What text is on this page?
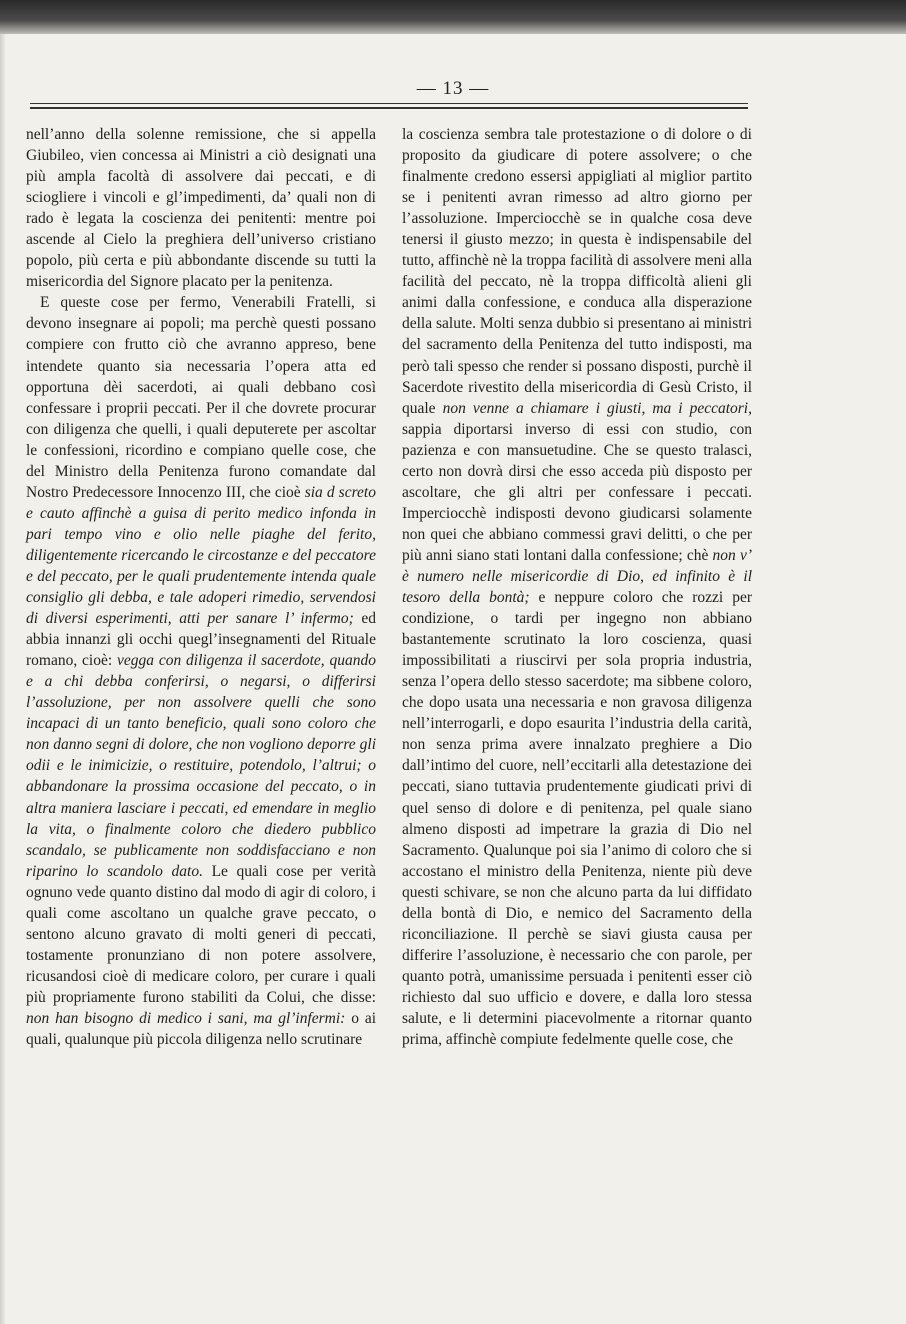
— 13 —

nell’anno della solenne remissione, che si appella Giubileo, vien concessa ai Ministri a ciò designati una più ampla facoltà di assolvere dai peccati, e di sciogliere i vincoli e gl’impedimenti, da’ quali non di rado è legata la coscienza dei penitenti: mentre poi ascende al Cielo la preghiera dell’universo cristiano popolo, più certa e più abbondante discende su tutti la misericordia del Signore placato per la penitenza.

E queste cose per fermo, Venerabili Fratelli, si devono insegnare ai popoli; ma perchè questi possano compiere con frutto ciò che avranno appreso, bene intendete quanto sia necessaria l’opera atta ed opportuna dèi sacerdoti, ai quali debbano così confessare i proprii peccati. Per il che dovrete procurar con diligenza che quelli, i quali deputerete per ascoltar le confessioni, ricordino e compiano quelle cose, che del Ministro della Penitenza furono comandate dal Nostro Predecessore Innocenzo III, che cioè sia d screto e cauto affinchè a guisa di perito medico infonda in pari tempo vino e olio nelle piaghe del ferito, diligentemente ricercando le circostanze e del peccatore e del peccato, per le quali prudentemente intenda quale consiglio gli debba, e tale adoperi rimedio, servendosi di diversi esperimenti, atti per sanare l’ infermo; ed abbia innanzi gli occhi quegl’insegnamenti del Rituale romano, cioè: vegga con diligenza il sacerdote, quando e a chi debba conferirsi, o negarsi, o differirsi l’assoluzione, per non assolvere quelli che sono incapaci di un tanto beneficio, quali sono coloro che non danno segni di dolore, che non vogliono deporre gli odii e le inimicizie, o restituire, potendolo, l’altrui; o abbandonare la prossima occasione del peccato, o in altra maniera lasciare i peccati, ed emendare in meglio la vita, o finalmente coloro che diedero pubblico scandalo, se publicamente non soddisfacciano e non riparino lo scandolo dato. Le quali cose per verità ognuno vede quanto distino dal modo di agir di coloro, i quali come ascoltano un qualche grave peccato, o sentono alcuno gravato di molti generi di peccati, tostamente pronunziano di non potere assolvere, ricusandosi cioè di medicare coloro, per curare i quali più propriamente furono stabiliti da Colui, che disse: non han bisogno di medico i sani, ma gl’infermi: o ai quali, qualunque più piccola diligenza nello scrutinare

la coscienza sembra tale protestazione o di dolore o di proposito da giudicare di potere assolvere; o che finalmente credono essersi appigliati al miglior partito se i penitenti avran rimesso ad altro giorno per l’assoluzione. Imperciocchè se in qualche cosa deve tenersi il giusto mezzo; in questa è indispensabile del tutto, affinchè nè la troppa facilità di assolvere meni alla facilità del peccato, nè la troppa difficoltà alieni gli animi dalla confessione, e conduca alla disperazione della salute. Molti senza dubbio si presentano ai ministri del sacramento della Penitenza del tutto indisposti, ma però tali spesso che render si possano disposti, purchè il Sacerdote rivestito della misericordia di Gesù Cristo, il quale non venne a chiamare i giusti, ma i peccatori, sappia diportarsi inverso di essi con studio, con pazienza e con mansuetudine. Che se questo tralasci, certo non dovrà dirsi che esso acceda più disposto per ascoltare, che gli altri per confessare i peccati. Imperciocchè indisposti devono giudicarsi solamente non quei che abbiano commessi gravi delitti, o che per più anni siano stati lontani dalla confessione; chè non v’ è numero nelle misericordie di Dio, ed infinito è il tesoro della bontà; e neppure coloro che rozzi per condizione, o tardi per ingegno non abbiano bastantemente scrutinato la loro coscienza, quasi impossibilitati a riuscirvi per sola propria industria, senza l’opera dello stesso sacerdote; ma sibbene coloro, che dopo usata una necessaria e non gravosa diligenza nell’interrogarli, e dopo esaurita l’industria della carità, non senza prima avere innalzato preghiere a Dio dall’intimo del cuore, nell’eccitarli alla detestazione dei peccati, siano tuttavia prudentemente giudicati privi di quel senso di dolore e di penitenza, pel quale siano almeno disposti ad impetrare la grazia di Dio nel Sacramento. Qualunque poi sia l’animo di coloro che si accostano el ministro della Penitenza, niente più deve questi schivare, se non che alcuno parta da lui diffidato della bontà di Dio, e nemico del Sacramento della riconciliazione. Il perchè se siavi giusta causa per differire l’assoluzione, è necessario che con parole, per quanto potrà, umanissime persuada i penitenti esser ciò richiesto dal suo ufficio e dovere, e dalla loro stessa salute, e li determini piacevolmente a ritornar quanto prima, affinchè compiute fedelmente quelle cose, che
